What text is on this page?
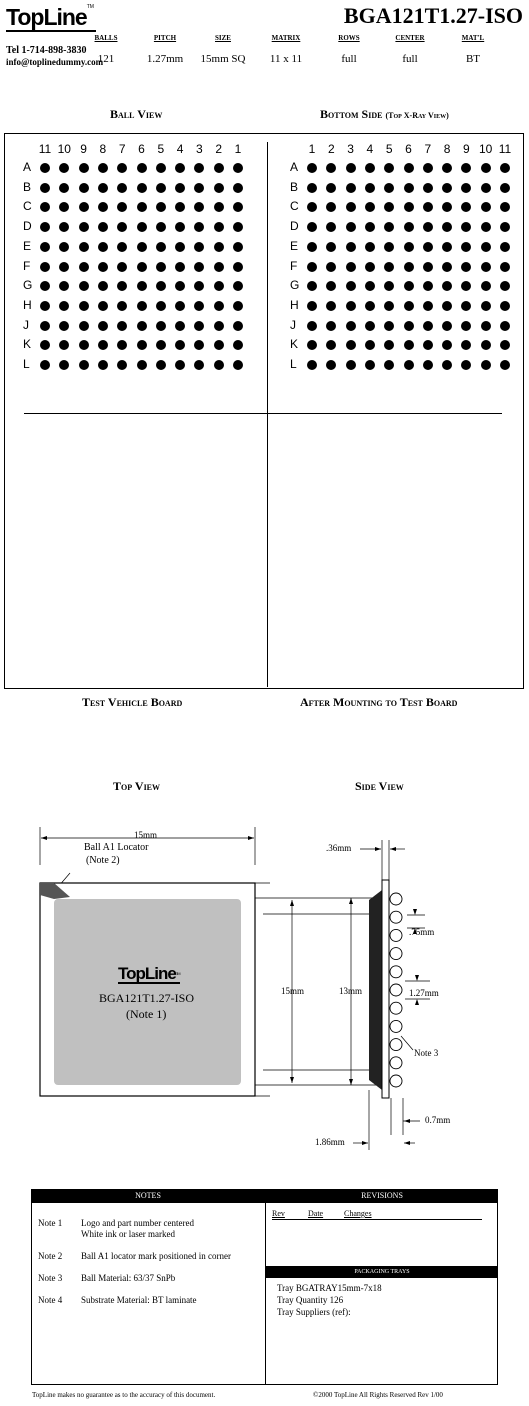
TopLine™	BGA121T1.27-ISO
Tel 1-714-898-3830
info@toplinedummy.com
BALLS
121
PITCH
1.27mm
SIZE
15mm SQ
MATRIX
11 x 11
ROWS
full
CENTER
full
MAT'L
BT
Ball View	Bottom Side (Top X-Ray View)
11 10 9	8	7	6	5	4	3	2	1
A
B
C
D
E
F
G
H
J
K
L
1	2	3	4	5	6	7	8	9 10 11
A
B
C
D
E
F
G
H
J
K
L
Test Vehicle Board	After Mounting to Test Board
Top View	Side View
15mm
Ball A1 Locator
(Note 2)
TopLine™
BGA121T1.27-ISO
(Note 1)
15mm	13mm
.36mm
.75mm
1.27mm
Note 3
0.7mm
1.86mm
NOTES	REVISIONS
Note 1 Logo and part number centered
White ink or laser marked
Note 2 Ball A1 locator mark positioned in corner
Note 3 Ball Material: 63/37 SnPb
Note 4 Substrate Material: BT laminate
Rev	Date	Changes
PACKAGING TRAYS
Tray BGATRAY15mm-7x18
Tray Quantity 126
Tray Suppliers (ref):
TopLine makes no guarantee as to the accuracy of this document.	©2000 TopLine All Rights Reserved Rev 1/00
